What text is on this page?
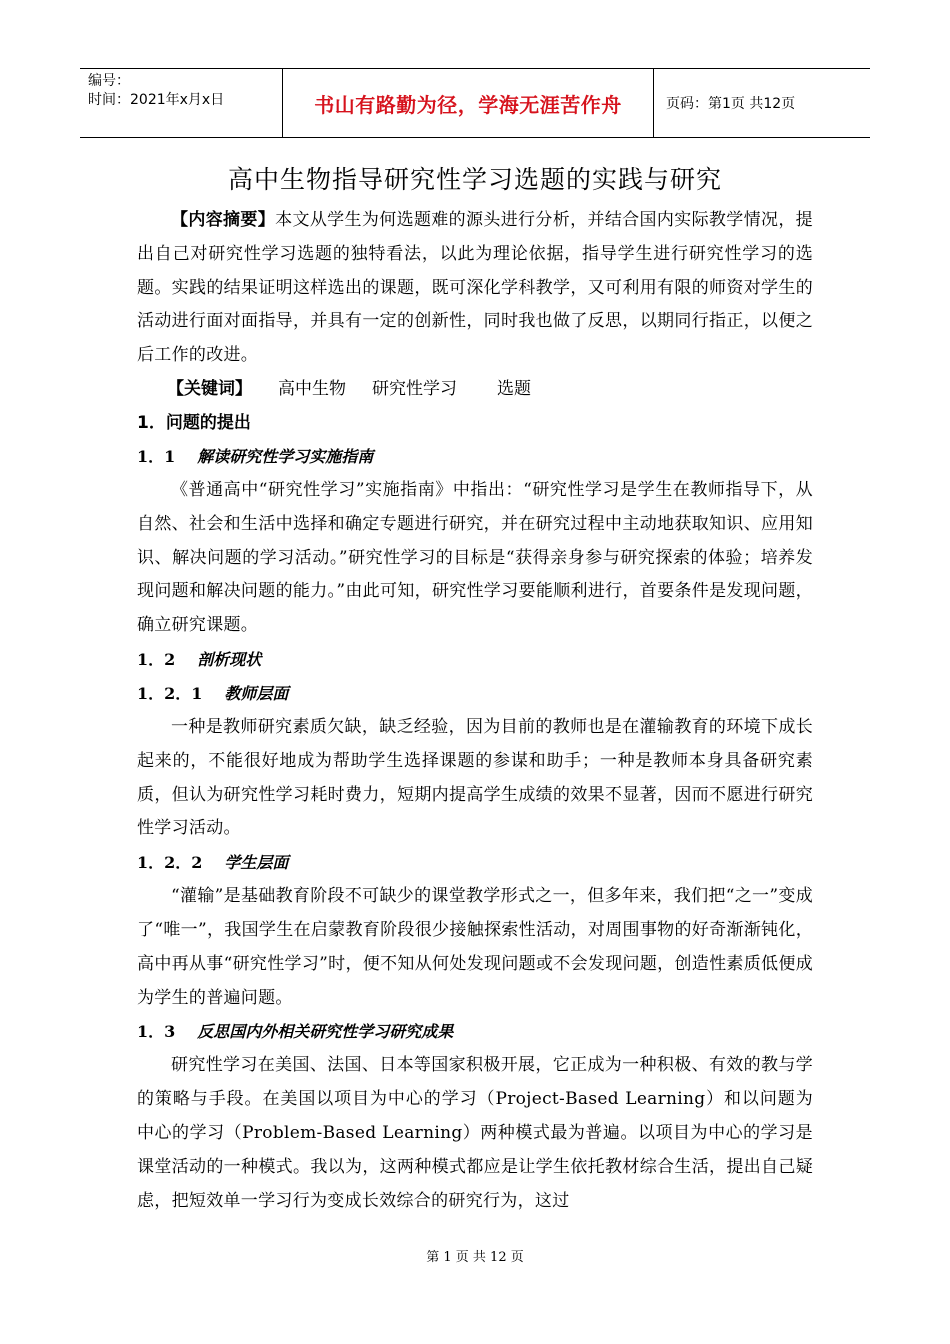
编号：
时间：2021年x月x日	书山有路勤为径，学海无涯苦作舟	页码：第1页 共12页
高中生物指导研究性学习选题的实践与研究

【内容摘要】本文从学生为何选题难的源头进行分析，并结合国内实际教学情况，提出自己对研究性学习选题的独特看法，以此为理论依据，指导学生进行研究性学习的选题。实践的结果证明这样选出的课题，既可深化学科教学，又可利用有限的师资对学生的活动进行面对面指导，并具有一定的创新性，同时我也做了反思，以期同行指正，以便之后工作的改进。

【关键词】 高中生物 研究性学习 选题

1．问题的提出

1．1 解读研究性学习实施指南

《普通高中“研究性学习”实施指南》中指出：“研究性学习是学生在教师指导下，从自然、社会和生活中选择和确定专题进行研究，并在研究过程中主动地获取知识、应用知识、解决问题的学习活动。”研究性学习的目标是“获得亲身参与研究探索的体验；培养发现问题和解决问题的能力。”由此可知，研究性学习要能顺利进行，首要条件是发现问题，确立研究课题。

1．2 剖析现状

1．2．1 教师层面

一种是教师研究素质欠缺，缺乏经验，因为目前的教师也是在灌输教育的环境下成长起来的，不能很好地成为帮助学生选择课题的参谋和助手；一种是教师本身具备研究素质，但认为研究性学习耗时费力，短期内提高学生成绩的效果不显著，因而不愿进行研究性学习活动。

1．2．2 学生层面

“灌输”是基础教育阶段不可缺少的课堂教学形式之一，但多年来，我们把“之一”变成了“唯一”，我国学生在启蒙教育阶段很少接触探索性活动，对周围事物的好奇渐渐钝化，高中再从事“研究性学习”时，便不知从何处发现问题或不会发现问题，创造性素质低便成为学生的普遍问题。

1．3 反思国内外相关研究性学习研究成果

研究性学习在美国、法国、日本等国家积极开展，它正成为一种积极、有效的教与学的策略与手段。在美国以项目为中心的学习（Project-Based Learning）和以问题为中心的学习（Problem-Based Learning）两种模式最为普遍。以项目为中心的学习是课堂活动的一种模式。我以为，这两种模式都应是让学生依托教材综合生活，提出自己疑虑，把短效单一学习行为变成长效综合的研究行为，这过

第 1 页 共 12 页
